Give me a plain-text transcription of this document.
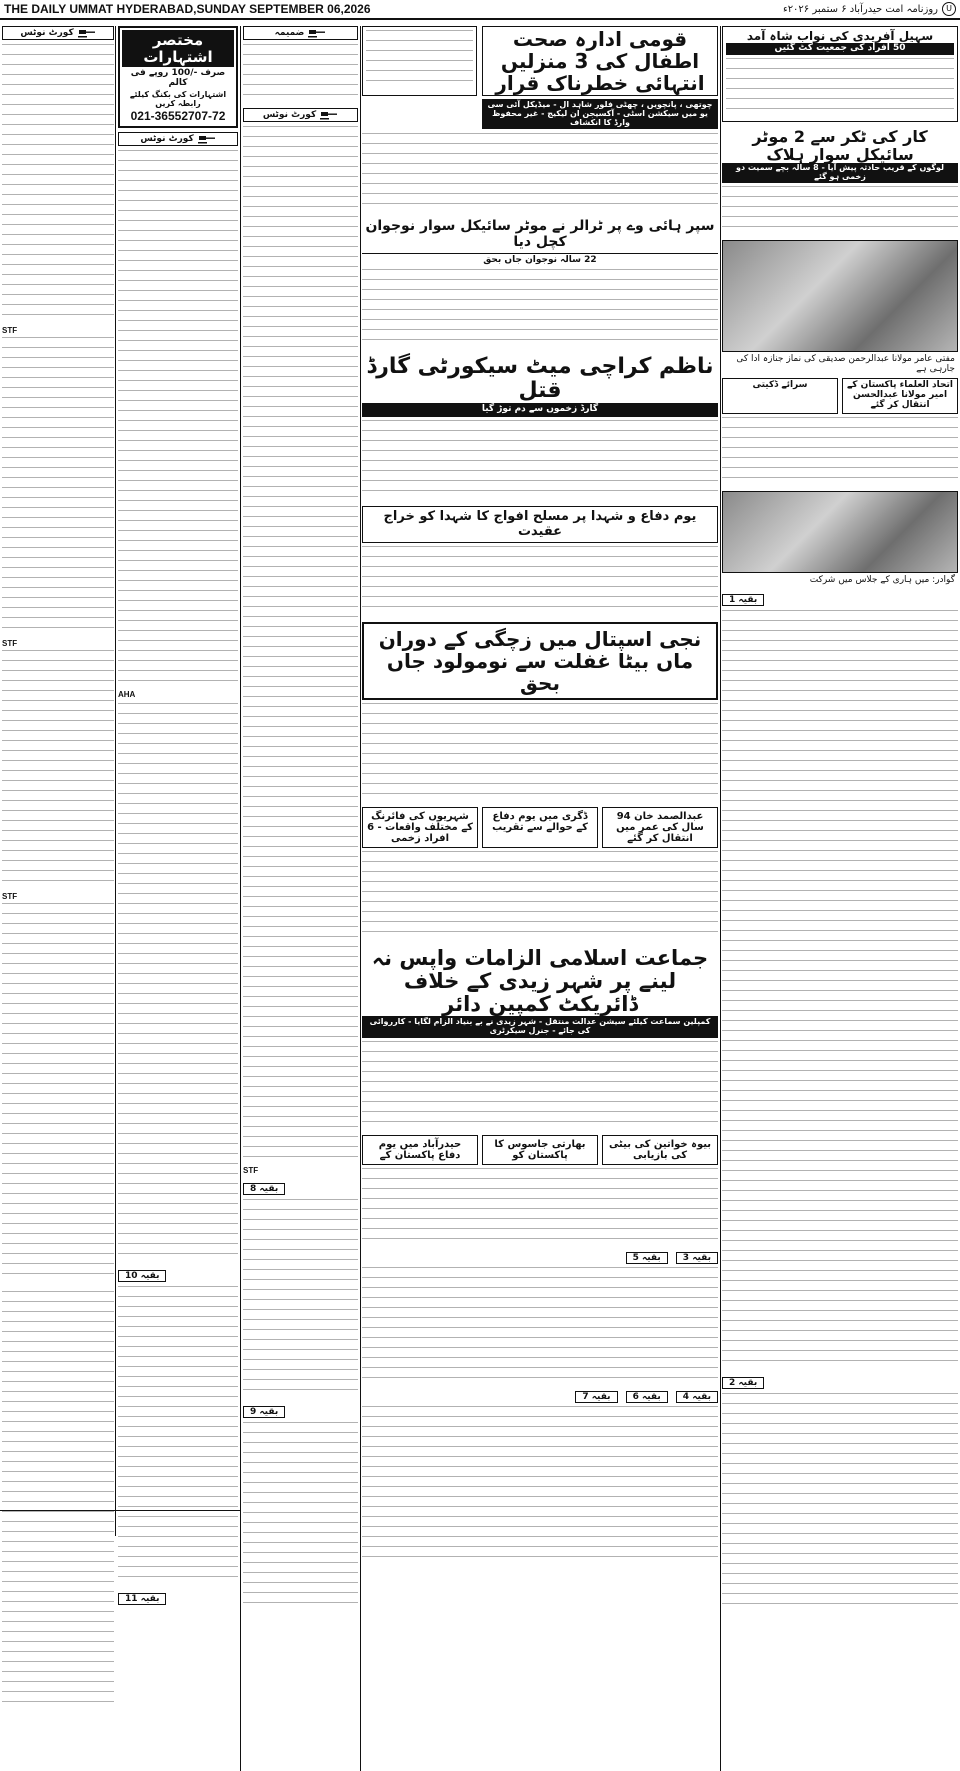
THE DAILY UMMAT HYDERABAD,SUNDAY SEPTEMBER 06,2026	U
روزنامہ امت حیدرآباد ۶ ستمبر ۲۰۲۶ء
کورٹ نوٹس
STF
STF
STF
مختصر اشتہارات
صرف -/100 روپے فی کالم
اشتہارات کی بکنگ کیلئے رابطہ کریں
021-36552707-72
کورٹ نوٹس
AHA
بقیہ 10
بقیہ 11
ضمیمہ
کورٹ نوٹس
STF
بقیہ 8
بقیہ 9
قومی ادارہ صحت اطفال کی 3 منزلیں انتہائی خطرناک قرار
چوتھی ، پانچویں ، چھٹی فلور شاہد ال - میڈیکل آئی سی یو میں سیکشن اسٹی - آکسیجن ان لیکیج - غیر محفوظ وارڈ کا انکشاف
سپر ہائی وے پر ٹرالر نے موٹر سائیکل سوار نوجوان کچل دیا
22 سالہ نوجوان جاں بحق
ناظم کراچی میٹ سیکورٹی گارڈ قتل
گارڈ زخموں سے دم توڑ گیا
یوم دفاع و شہدا پر مسلح افواج کا شہدا کو خراج عقیدت
نجی اسپتال میں زچگی کے دوران ماں بیٹا غفلت سے نومولود جاں بحق
عبدالصمد خان 94 سال کی عمر میں انتقال کر گئے
ڈگری میں یوم دفاع کے حوالے سے تقریب
شہریوں کی فائرنگ کے مختلف واقعات - 6 افراد زخمی
جماعت اسلامی الزامات واپس نہ لینے پر شہر زیدی کے خلاف ڈائریکٹ کمپین دائر
کمپلین سماعت کیلئے سیشن عدالت منتقل - شہر زیدی نے بے بنیاد الزام لگایا - کارروائی کی جائے - جنرل سیکرٹری
بیوہ خواتین کی بیٹی کی بازیابی
بھارتی جاسوس کا پاکستان کو
حیدرآباد میں یوم دفاع پاکستان کے
بقیہ 3
بقیہ 5
بقیہ 4
بقیہ 6
بقیہ 7
سہیل آفریدی کی نواب شاہ آمد
50 افراد کی جمعیت کٹ گئیں
کار کی ٹکر سے 2 موٹر سائیکل سوار ہلاک
لوگوں کے قریب حادثہ پیش آیا - 8 سالہ بچے سمیت دو زخمی ہو گئے
مفتی عامر مولانا عبدالرحمن صدیقی کی نماز جنازہ ادا کی جارہی ہے
اتحاد العلماء پاکستان کے امیر مولانا عبدالحسن انتقال کر گئے
سرائے ڈکیتی
گوادر: میں ہاری کے جلاس میں شرکت
بقیہ 1
بقیہ 2
